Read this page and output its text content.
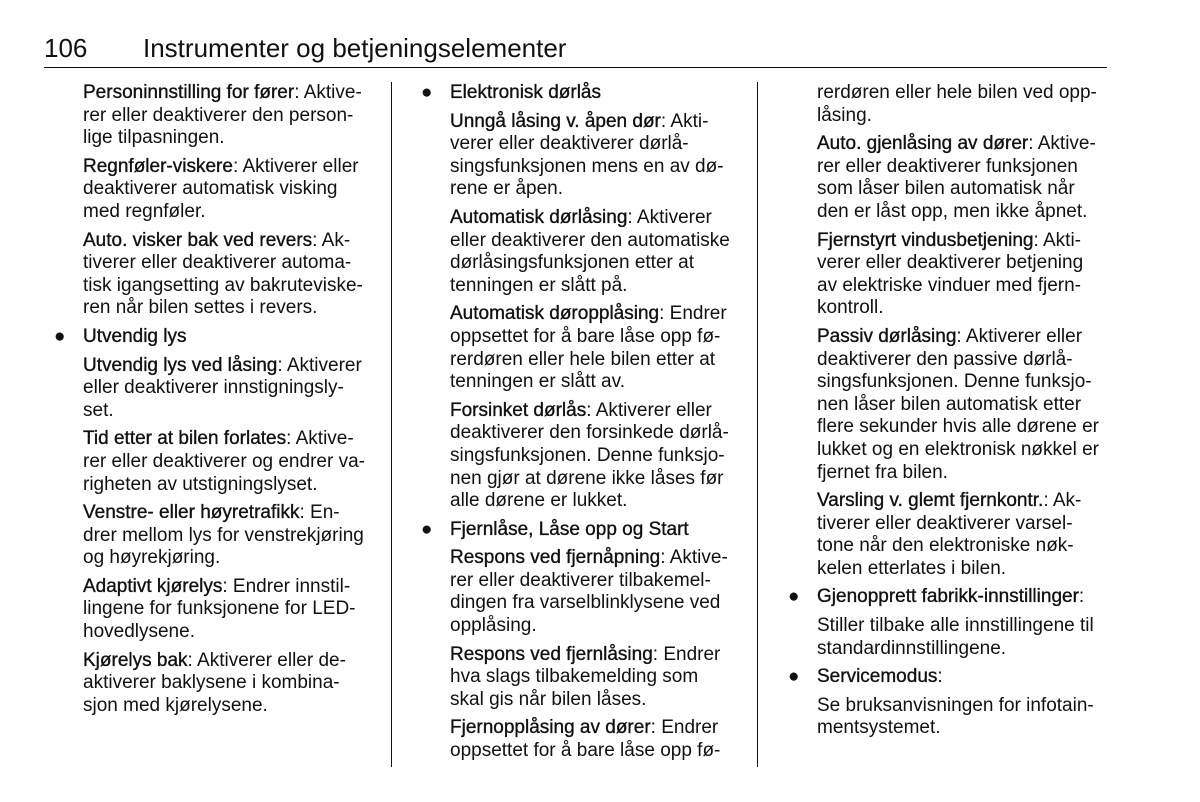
106 Instrumenter og betjeningselementer
Personinnstilling for fører: Aktive-
rer eller deaktiverer den person-
lige tilpasningen.
Regnføler-viskere: Aktiverer eller
deaktiverer automatisk visking
med regnføler.
Auto. visker bak ved revers: Ak-
tiverer eller deaktiverer automa-
tisk igangsetting av bakruteviske-
ren når bilen settes i revers.
● Utvendig lys
Utvendig lys ved låsing: Aktiverer
eller deaktiverer innstigningsly-
set.
Tid etter at bilen forlates: Aktive-
rer eller deaktiverer og endrer va-
righeten av utstigningslyset.
Venstre- eller høyretrafikk: En-
drer mellom lys for venstrekjøring
og høyrekjøring.
Adaptivt kjørelys: Endrer innstil-
lingene for funksjonene for LED-
hovedlysene.
Kjørelys bak: Aktiverer eller de-
aktiverer baklysene i kombina-
sjon med kjørelysene.
● Elektronisk dørlås
Unngå låsing v. åpen dør: Akti-
verer eller deaktiverer dørlå-
singsfunksjonen mens en av dø-
rene er åpen.
Automatisk dørlåsing: Aktiverer
eller deaktiverer den automatiske
dørlåsingsfunksjonen etter at
tenningen er slått på.
Automatisk døropplåsing: Endrer
oppsettet for å bare låse opp fø-
rerdøren eller hele bilen etter at
tenningen er slått av.
Forsinket dørlås: Aktiverer eller
deaktiverer den forsinkede dørlå-
singsfunksjonen. Denne funksjo-
nen gjør at dørene ikke låses før
alle dørene er lukket.
● Fjernlåse, Låse opp og Start
Respons ved fjernåpning: Aktive-
rer eller deaktiverer tilbakemel-
dingen fra varselblinklysene ved
opplåsing.
Respons ved fjernlåsing: Endrer
hva slags tilbakemelding som
skal gis når bilen låses.
Fjernopplåsing av dører: Endrer
oppsettet for å bare låse opp fø-
rerdøren eller hele bilen ved opp-
låsing.
Auto. gjenlåsing av dører: Aktive-
rer eller deaktiverer funksjonen
som låser bilen automatisk når
den er låst opp, men ikke åpnet.
Fjernstyrt vindusbetjening: Akti-
verer eller deaktiverer betjening
av elektriske vinduer med fjern-
kontroll.
Passiv dørlåsing: Aktiverer eller
deaktiverer den passive dørlå-
singsfunksjonen. Denne funksjo-
nen låser bilen automatisk etter
flere sekunder hvis alle dørene er
lukket og en elektronisk nøkkel er
fjernet fra bilen.
Varsling v. glemt fjernkontr.: Ak-
tiverer eller deaktiverer varsel-
tone når den elektroniske nøk-
kelen etterlates i bilen.
● Gjenopprett fabrikk-innstillinger:
Stiller tilbake alle innstillingene til
standardinnstillingene.
● Servicemodus:
Se bruksanvisningen for infotain-
mentsystemet.
